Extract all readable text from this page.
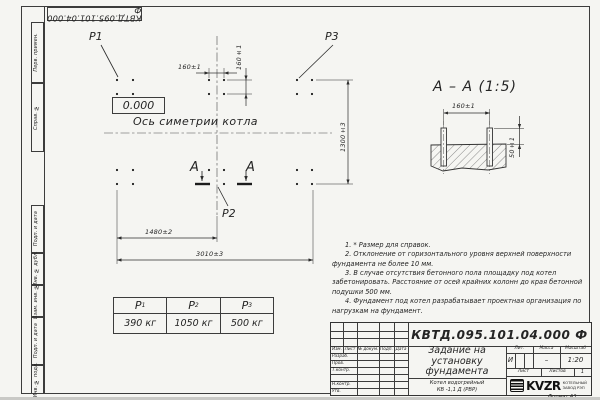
Перв. примен.
Справ. №
Подп. и дата
Инв. № дубл.
Взам. инв. №
Подп. и дата
Инв. № подл.
КВТД.095.101.04.000 Ф
P1	P3
P2
0.000
Ось симетрии котла
А	А
160±1	160±1
1300±3
1480±2
3010±3
А – А (1:5)
160±1
50±1
P 1	P 2	P 3
390 кг	1050 кг	500 кг

1. * Размер для справок.

2. Отклонение от горизонтального уровня верхней поверхности фундамента не более 10 мм.

3. В случае отсутствия бетонного пола площадку под котел забетонировать. Расстояние от осей крайних колонн до края бетонной подушки 500 мм.

4. Фундамент под котел разрабатывает проектная организация по нагрузкам на фундамент.

КВТД.095.101.04.000 Ф
Изм. Лист № докум. Подп. Дата
Разраб.
Пров.
Т.контр.
Н.контр.
Утв.
Задание на
установку
фундамента
Котел водогрейный
КВ -1,1 Д (РВР)
Лит.	Масса	Масштаб
И	–	1:20
Лист	Листов	1
KVZR КОТЕЛЬНЫЙ
ЗАВОД РЭП
